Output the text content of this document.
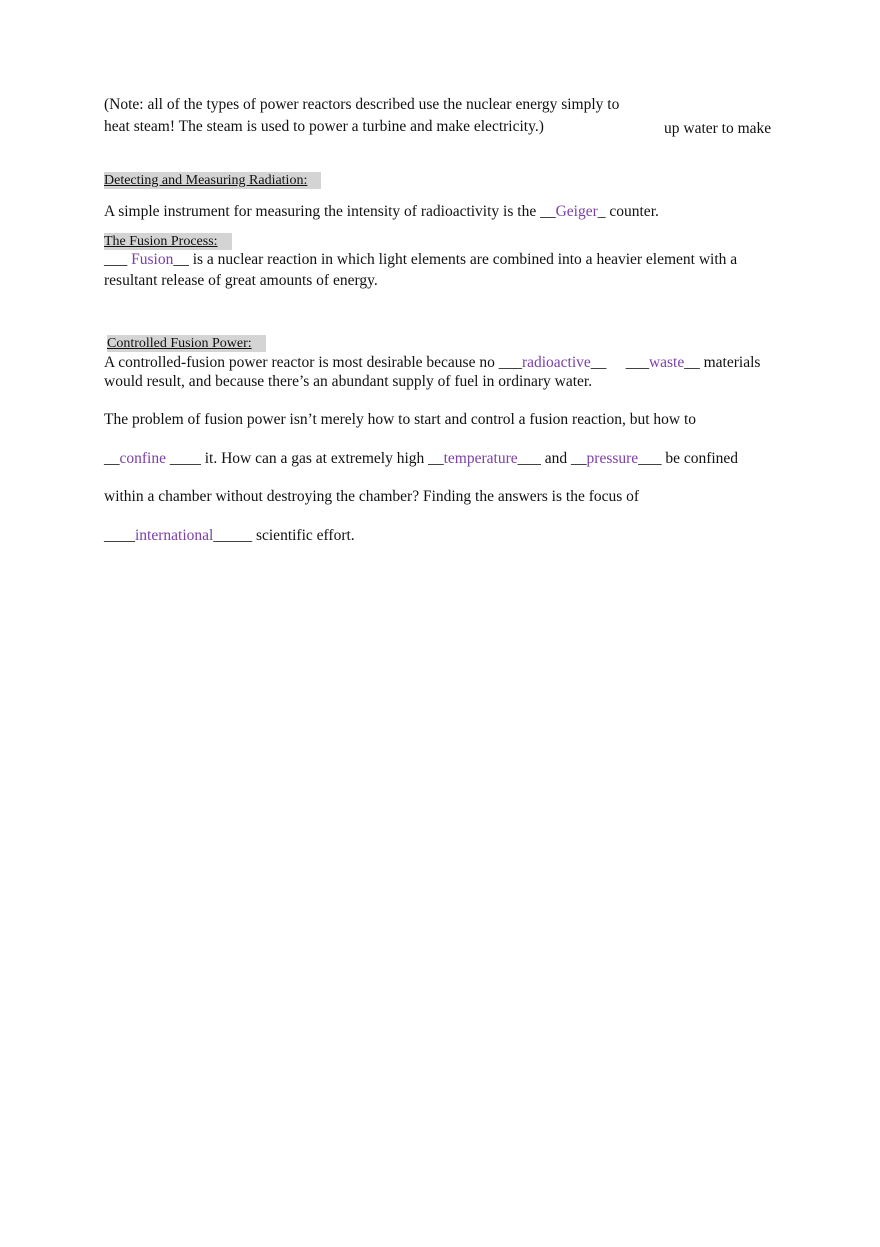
(Note: all of the types of power reactors described use the nuclear energy simply to
heat steam! The steam is used to power a turbine and make electricity.)	up water to make
Detecting and Measuring Radiation:
A simple instrument for measuring the intensity of radioactivity is the __Geiger_ counter.
The Fusion Process:
___ Fusion__ is a nuclear reaction in which light elements are combined into a heavier element with a
resultant release of great amounts of energy.
Controlled Fusion Power:
A controlled-fusion power reactor is most desirable because no ___radioactive__ ___waste__ materials
would result, and because there’s an abundant supply of fuel in ordinary water.
The problem of fusion power isn’t merely how to start and control a fusion reaction, but how to
__confine ____ it. How can a gas at extremely high __temperature___ and __pressure___ be confined
within a chamber without destroying the chamber? Finding the answers is the focus of
____international_____ scientific effort.
